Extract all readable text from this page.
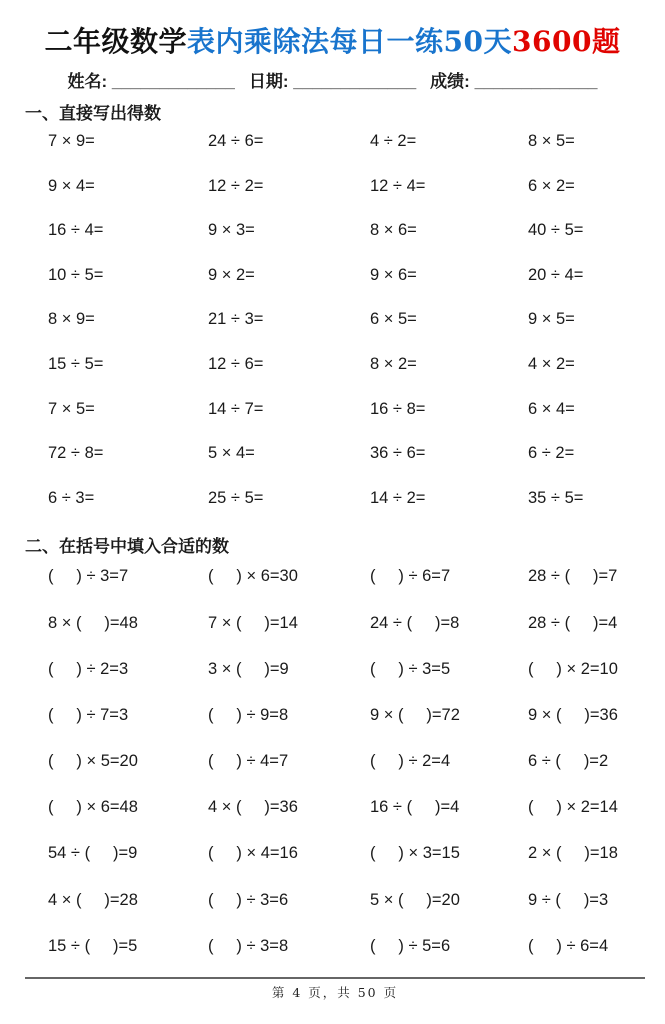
二年级数学表内乘除法每日一练50天3600题
姓名: _____________ 日期: _____________ 成绩: _____________
一、直接写出得数
7 × 9=	24 ÷ 6=	4 ÷ 2=	8 × 5=
9 × 4=	12 ÷ 2=	12 ÷ 4=	6 × 2=
16 ÷ 4=	9 × 3=	8 × 6=	40 ÷ 5=
10 ÷ 5=	9 × 2=	9 × 6=	20 ÷ 4=
8 × 9=	21 ÷ 3=	6 × 5=	9 × 5=
15 ÷ 5=	12 ÷ 6=	8 × 2=	4 × 2=
7 × 5=	14 ÷ 7=	16 ÷ 8=	6 × 4=
72 ÷ 8=	5 × 4=	36 ÷ 6=	6 ÷ 2=
6 ÷ 3=	25 ÷ 5=	14 ÷ 2=	35 ÷ 5=
二、在括号中填入合适的数
(     ) ÷ 3=7	(     ) × 6=30	(     ) ÷ 6=7	28 ÷ (     )=7
8 × (     )=48	7 × (     )=14	24 ÷ (     )=8	28 ÷ (     )=4
(     ) ÷ 2=3	3 × (     )=9	(     ) ÷ 3=5	(     ) × 2=10
(     ) ÷ 7=3	(     ) ÷ 9=8	9 × (     )=72	9 × (     )=36
(     ) × 5=20	(     ) ÷ 4=7	(     ) ÷ 2=4	6 ÷ (     )=2
(     ) × 6=48	4 × (     )=36	16 ÷ (     )=4	(     ) × 2=14
54 ÷ (     )=9	(     ) × 4=16	(     ) × 3=15	2 × (     )=18
4 × (     )=28	(     ) ÷ 3=6	5 × (     )=20	9 ÷ (     )=3
15 ÷ (     )=5	(     ) ÷ 3=8	(     ) ÷ 5=6	(     ) ÷ 6=4
第 4 页，共 50 页
